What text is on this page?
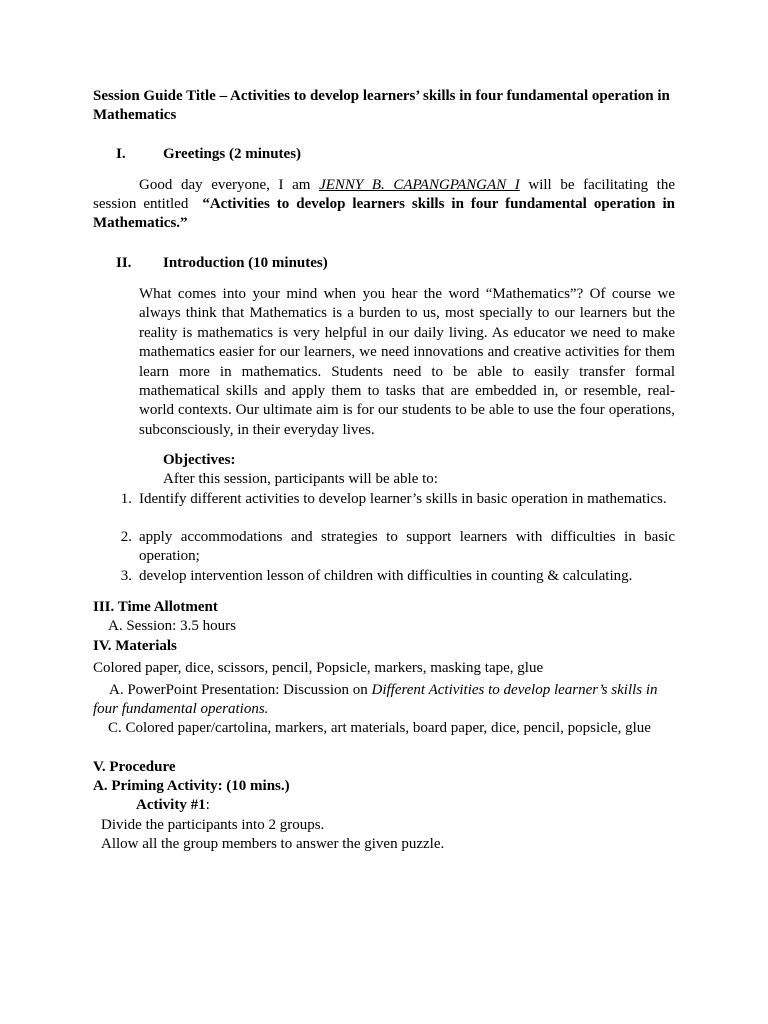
Session Guide Title – Activities to develop learners’ skills in four fundamental operation in Mathematics
I. Greetings (2 minutes)
Good day everyone, I am JENNY B. CAPANGPANGAN I will be facilitating the
session entitled  “Activities to develop learners skills in four fundamental operation in Mathematics.”
II. Introduction (10 minutes)
What comes into your mind when you hear the word “Mathematics”? Of course we always think that Mathematics is a burden to us, most specially to our learners but the reality is mathematics is very helpful in our daily living. As educator we need to make mathematics easier for our learners, we need innovations and creative activities for them learn more in mathematics. Students need to be able to easily transfer formal mathematical skills and apply them to tasks that are embedded in, or resemble, real-world contexts. Our ultimate aim is for our students to be able to use the four operations, subconsciously, in their everyday lives.
Objectives:
After this session, participants will be able to:
1. Identify different activities to develop learner’s skills in basic operation in mathematics.
2. apply accommodations and strategies to support learners with difficulties in basic operation;
3. develop intervention lesson of children with difficulties in counting & calculating.
III. Time Allotment
A. Session: 3.5 hours
IV. Materials
Colored paper, dice, scissors, pencil, Popsicle, markers, masking tape, glue
A. PowerPoint Presentation: Discussion on Different Activities to develop learner’s skills in four fundamental operations.
C. Colored paper/cartolina, markers, art materials, board paper, dice, pencil, popsicle, glue
V. Procedure
A. Priming Activity: (10 mins.)
Activity #1:
Divide the participants into 2 groups.
Allow all the group members to answer the given puzzle.
